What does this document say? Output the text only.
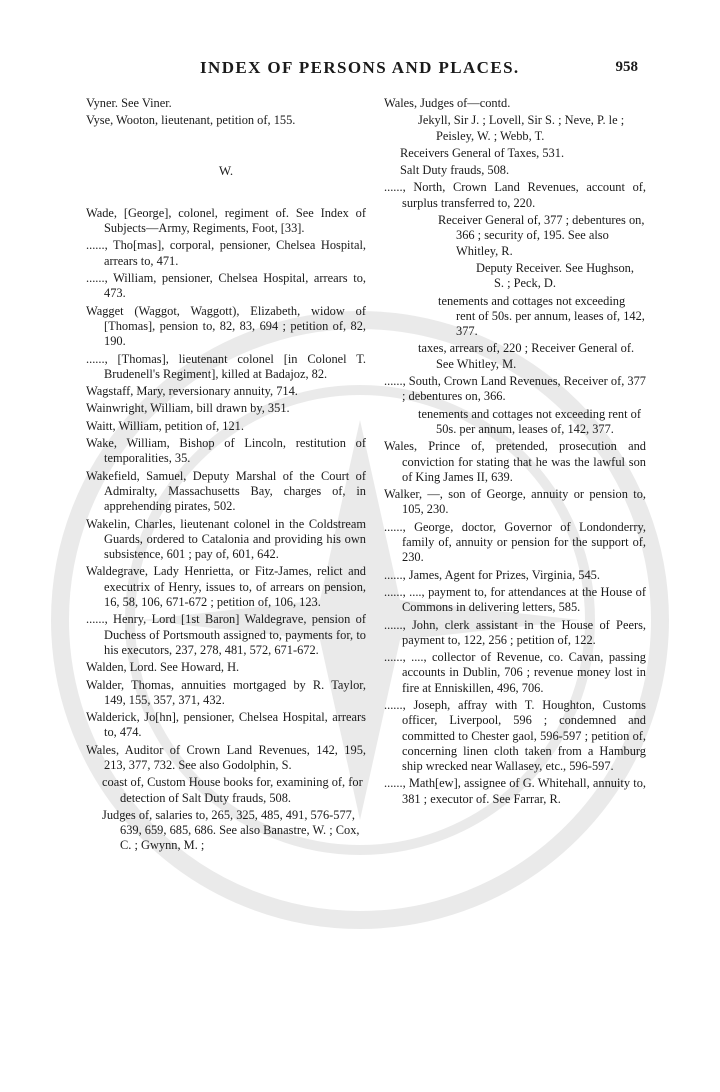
INDEX OF PERSONS AND PLACES.	958
Vyner. See Viner.
Vyse, Wooton, lieutenant, petition of, 155.
W.
Wade, [George], colonel, regiment of. See Index of Subjects—Army, Regiments, Foot, [33].
......, Tho[mas], corporal, pensioner, Chelsea Hospital, arrears to, 471.
......, William, pensioner, Chelsea Hospital, arrears to, 473.
Wagget (Waggot, Waggott), Elizabeth, widow of [Thomas], pension to, 82, 83, 694 ; petition of, 82, 190.
......, [Thomas], lieutenant colonel [in Colonel T. Brudenell's Regiment], killed at Badajoz, 82.
Wagstaff, Mary, reversionary annuity, 714.
Wainwright, William, bill drawn by, 351.
Waitt, William, petition of, 121.
Wake, William, Bishop of Lincoln, restitution of temporalities, 35.
Wakefield, Samuel, Deputy Marshal of the Court of Admiralty, Massachusetts Bay, charges of, in apprehending pirates, 502.
Wakelin, Charles, lieutenant colonel in the Coldstream Guards, ordered to Catalonia and providing his own subsistence, 601 ; pay of, 601, 642.
Waldegrave, Lady Henrietta, or Fitz-James, relict and executrix of Henry, issues to, of arrears on pension, 16, 58, 106, 671-672 ; petition of, 106, 123.
......, Henry, Lord [1st Baron] Waldegrave, pension of Duchess of Portsmouth assigned to, payments for, to his executors, 237, 278, 481, 572, 671-672.
Walden, Lord. See Howard, H.
Walder, Thomas, annuities mortgaged by R. Taylor, 149, 155, 357, 371, 432.
Walderick, Jo[hn], pensioner, Chelsea Hospital, arrears to, 474.
Wales, Auditor of Crown Land Revenues, 142, 195, 213, 377, 732. See also Godolphin, S.
coast of, Custom House books for, examining of, for detection of Salt Duty frauds, 508.
Judges of, salaries to, 265, 325, 485, 491, 576-577, 639, 659, 685, 686. See also Banastre, W. ; Cox, C. ; Gwynn, M. ;
Wales, Judges of—contd.
Jekyll, Sir J. ; Lovell, Sir S. ; Neve, P. le ; Peisley, W. ; Webb, T.
Receivers General of Taxes, 531.
Salt Duty frauds, 508.
......, North, Crown Land Revenues, account of, surplus transferred to, 220.
Receiver General of, 377 ; debentures on, 366 ; security of, 195. See also Whitley, R.
Deputy Receiver. See Hughson, S. ; Peck, D.
tenements and cottages not exceeding rent of 50s. per annum, leases of, 142, 377.
taxes, arrears of, 220 ; Receiver General of. See Whitley, M.
......, South, Crown Land Revenues, Receiver of, 377 ; debentures on, 366.
tenements and cottages not exceeding rent of 50s. per annum, leases of, 142, 377.
Wales, Prince of, pretended, prosecution and conviction for stating that he was the lawful son of King James II, 639.
Walker, —, son of George, annuity or pension to, 105, 230.
......, George, doctor, Governor of Londonderry, family of, annuity or pension for the support of, 230.
......, James, Agent for Prizes, Virginia, 545.
......, ...., payment to, for attendances at the House of Commons in delivering letters, 585.
......, John, clerk assistant in the House of Peers, payment to, 122, 256 ; petition of, 122.
......, ...., collector of Revenue, co. Cavan, passing accounts in Dublin, 706 ; revenue money lost in fire at Enniskillen, 496, 706.
......, Joseph, affray with T. Houghton, Customs officer, Liverpool, 596 ; condemned and committed to Chester gaol, 596-597 ; petition of, concerning linen cloth taken from a Hamburg ship wrecked near Wallasey, etc., 596-597.
......, Math[ew], assignee of G. Whitehall, annuity to, 381 ; executor of. See Farrar, R.
